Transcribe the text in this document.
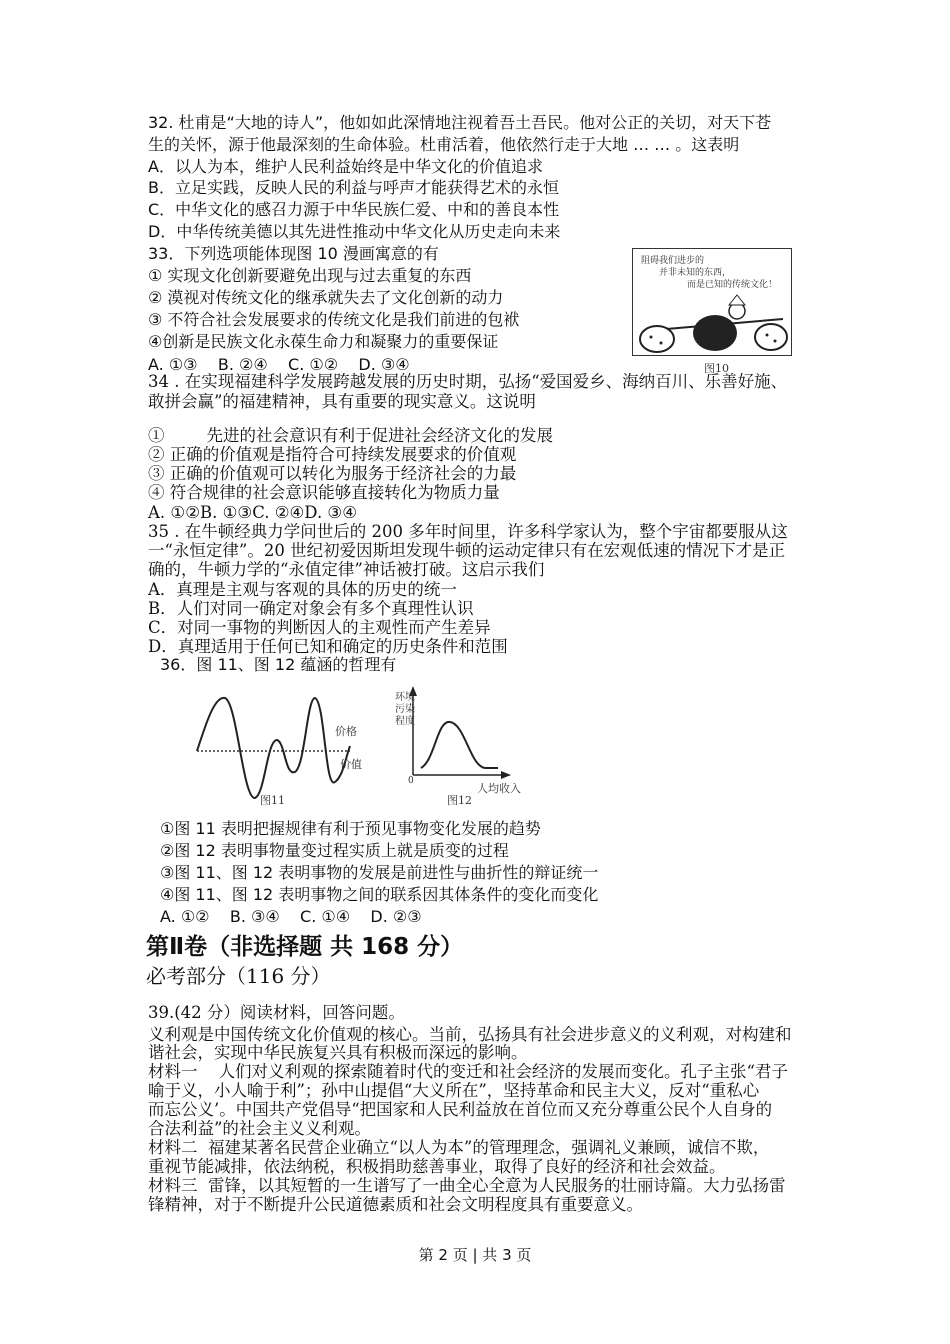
32. 杜甫是“大地的诗人”，他如如此深情地注视着吾土吾民。他对公正的关切，对天下苍
生的关怀，源于他最深刻的生命体验。杜甫活着，他依然行走于大地 … … 。这表明
A．以人为本，维护人民利益始终是中华文化的价值追求
B．立足实践，反映人民的利益与呼声才能获得艺术的永恒
C．中华文化的感召力源于中华民族仁爱、中和的善良本性
D．中华传统美德以其先进性推动中华文化从历史走向未来
33．下列选项能体现图 10 漫画寓意的有
① 实现文化创新要避免出现与过去重复的东西
② 漠视对传统文化的继承就失去了文化创新的动力
③ 不符合社会发展要求的传统文化是我们前进的包袱
④创新是民族文化永葆生命力和凝聚力的重要保证
A. ①③    B. ②④    C. ①②    D. ③④
阻碍我们进步的
并非未知的东西，
而是已知的传统文化！
图10
34 . 在实现福建科学发展跨越发展的历史时期，弘扬“爱国爱乡、海纳百川、乐善好施、
敢拼会赢”的福建精神，具有重要的现实意义。这说明
①        先进的社会意识有利于促进社会经济文化的发展
② 正确的价值观是指符合可持续发展要求的价值观
③ 正确的价值观可以转化为服务于经济社会的力最
④ 符合规律的社会意识能够直接转化为物质力量
A. ①②B. ①③C. ②④D. ③④
35 . 在牛顿经典力学问世后的 200 多年时间里，许多科学家认为，整个宇宙都要服从这
一“永恒定律”。20 世纪初爱因斯坦发现牛顿的运动定律只有在宏观低速的情况下才是正
确的，牛顿力学的“永值定律”神话被打破。这启示我们
A．真理是主观与客观的具体的历史的统一
B．人们对同一确定对象会有多个真理性认识
C．对同一事物的判断因人的主观性而产生差异
D．真理适用于任何已知和确定的历史条件和范围
36．图 11、图 12 蕴涵的哲理有
价格
价值
图11
环境
污染
程度
0
人均收入
图12
①图 11 表明把握规律有利于预见事物变化发展的趋势
②图 12 表明事物量变过程实质上就是质变的过程
③图 11、图 12 表明事物的发展是前进性与曲折性的辩证统一
④图 11、图 12 表明事物之间的联系因其体条件的变化而变化
A. ①②    B. ③④    C. ①④    D. ②③
第Ⅱ卷（非选择题 共 168 分）
必考部分（116 分）
39.(42 分）阅读材料，回答问题。
义利观是中国传统文化价值观的核心。当前，弘扬具有社会进步意义的义利观，对构建和
谐社会，实现中华民族复兴具有积极而深远的影响。
材料一    人们对义利观的探索随着时代的变迁和社会经济的发展而变化。孔子主张“君子
喻于义，小人喻于利”；孙中山提倡“大义所在”，坚持革命和民主大义，反对“重私心
而忘公义’。中国共产党倡导“把国家和人民利益放在首位而又充分尊重公民个人自身的
合法利益”的社会主义义利观。
材料二  福建某著名民营企业确立“以人为本”的管理理念，强调礼义兼顾，诚信不欺，
重视节能减排，依法纳税，积极捐助慈善事业，取得了良好的经济和社会效益。
材料三  雷锋，以其短暂的一生谱写了一曲全心全意为人民服务的壮丽诗篇。大力弘扬雷
锋精神，对于不断提升公民道德素质和社会文明程度具有重要意义。
第 2 页 | 共 3 页
